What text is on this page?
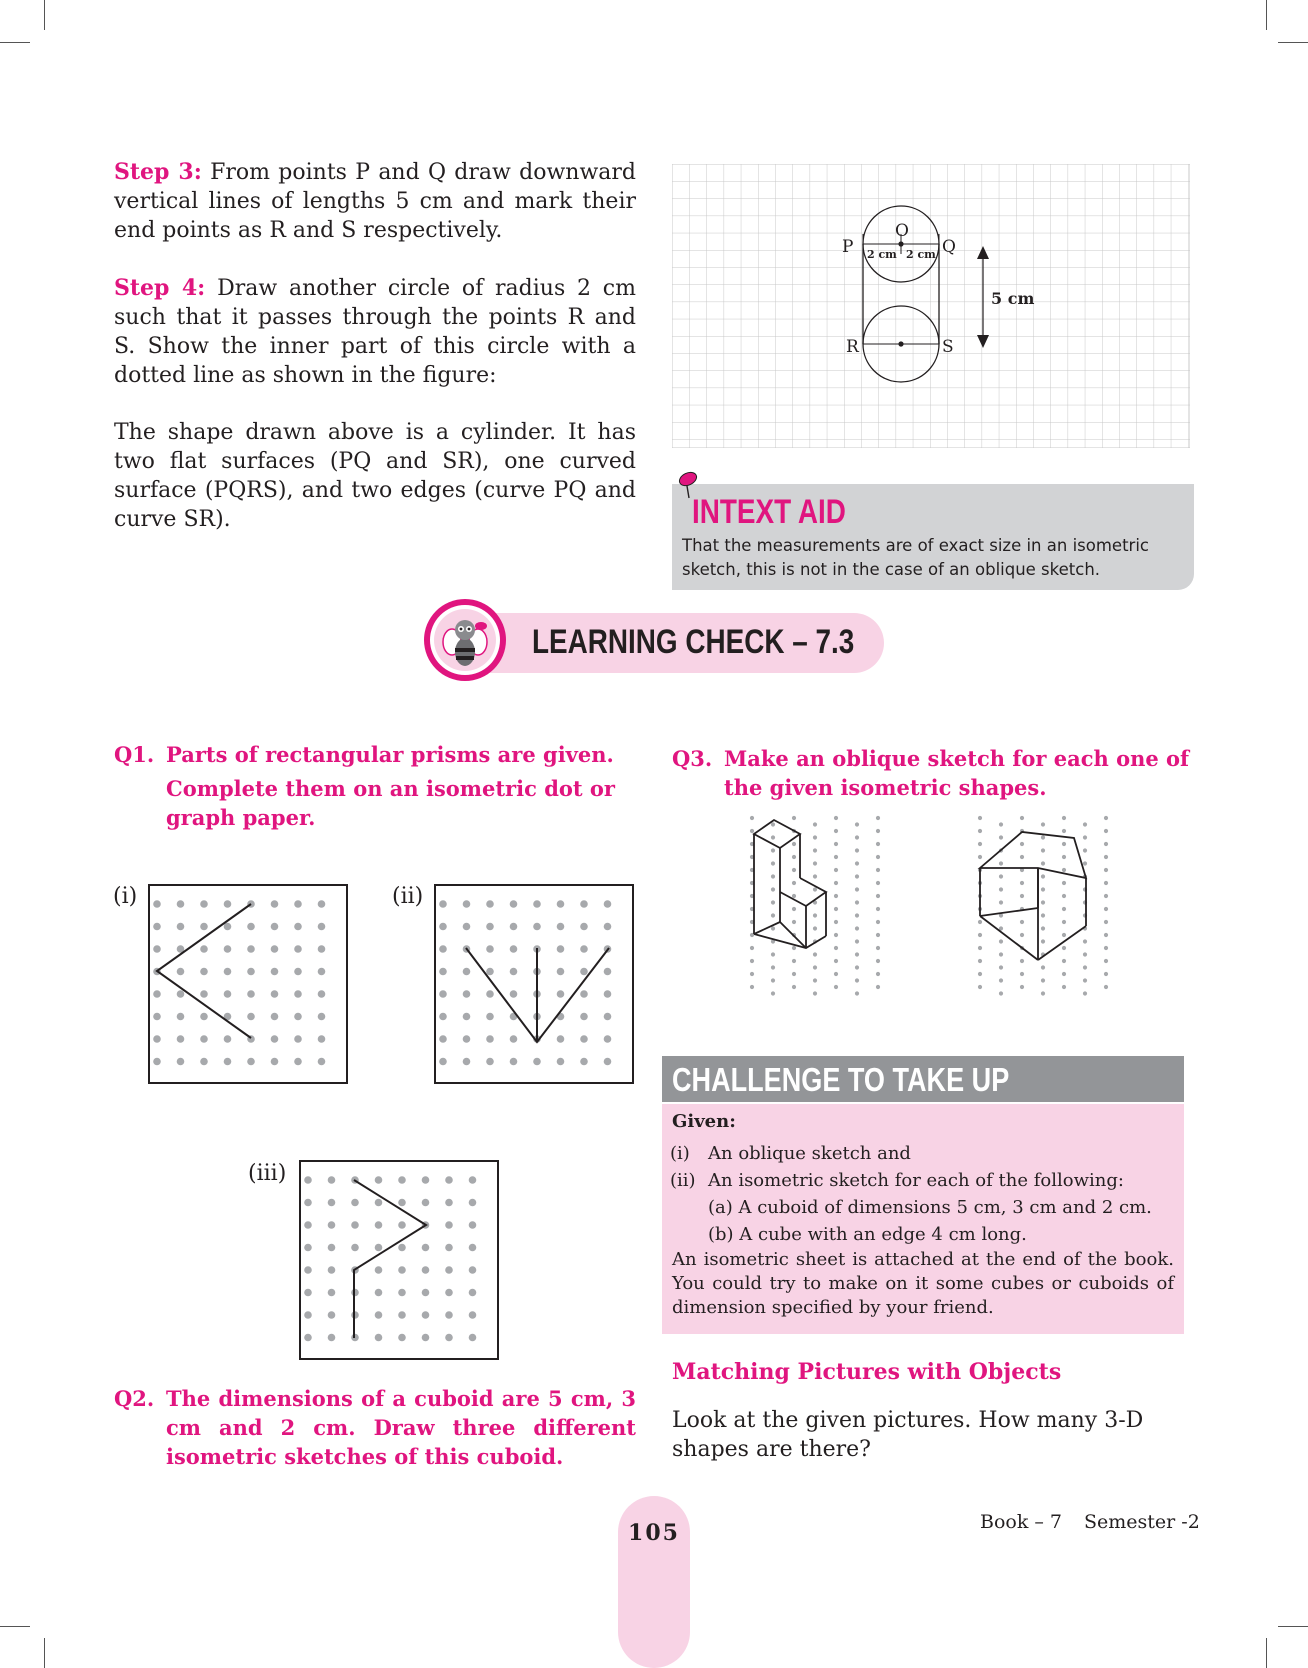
Step 3: From points P and Q draw downward vertical lines of lengths 5 cm and mark their end points as R and S respectively.

Step 4: Draw another circle of radius 2 cm such that it passes through the points R and S. Show the inner part of this circle with a dotted line as shown in the figure:

The shape drawn above is a cylinder. It has two flat surfaces (PQ and SR), one curved surface (PQRS), and two edges (curve PQ and curve SR).

O
P	Q
R	S
2 cm 2 cm
5 cm
INTEXT AID
That the measurements are of exact size in an isometric sketch, this is not in the case of an oblique sketch.
LEARNING CHECK – 7.3
Q1. Parts of rectangular prisms are given.
Complete them on an isometric dot or graph paper.
(i)	(ii)
(iii)
Q2. The dimensions of a cuboid are 5 cm, 3 cm and 2 cm. Draw three different isometric sketches of this cuboid.
Q3. Make an oblique sketch for each one of the given isometric shapes.
CHALLENGE TO TAKE UP
Given:
(i) An oblique sketch and
(ii) An isometric sketch for each of the following:
(a) A cuboid of dimensions 5 cm, 3 cm and 2 cm.
(b) A cube with an edge 4 cm long.
An isometric sheet is attached at the end of the book. You could try to make on it some cubes or cuboids of dimension specified by your friend.
Matching Pictures with Objects

Look at the given pictures. How many 3-D shapes are there?

105	Book – 7 Semester -2
